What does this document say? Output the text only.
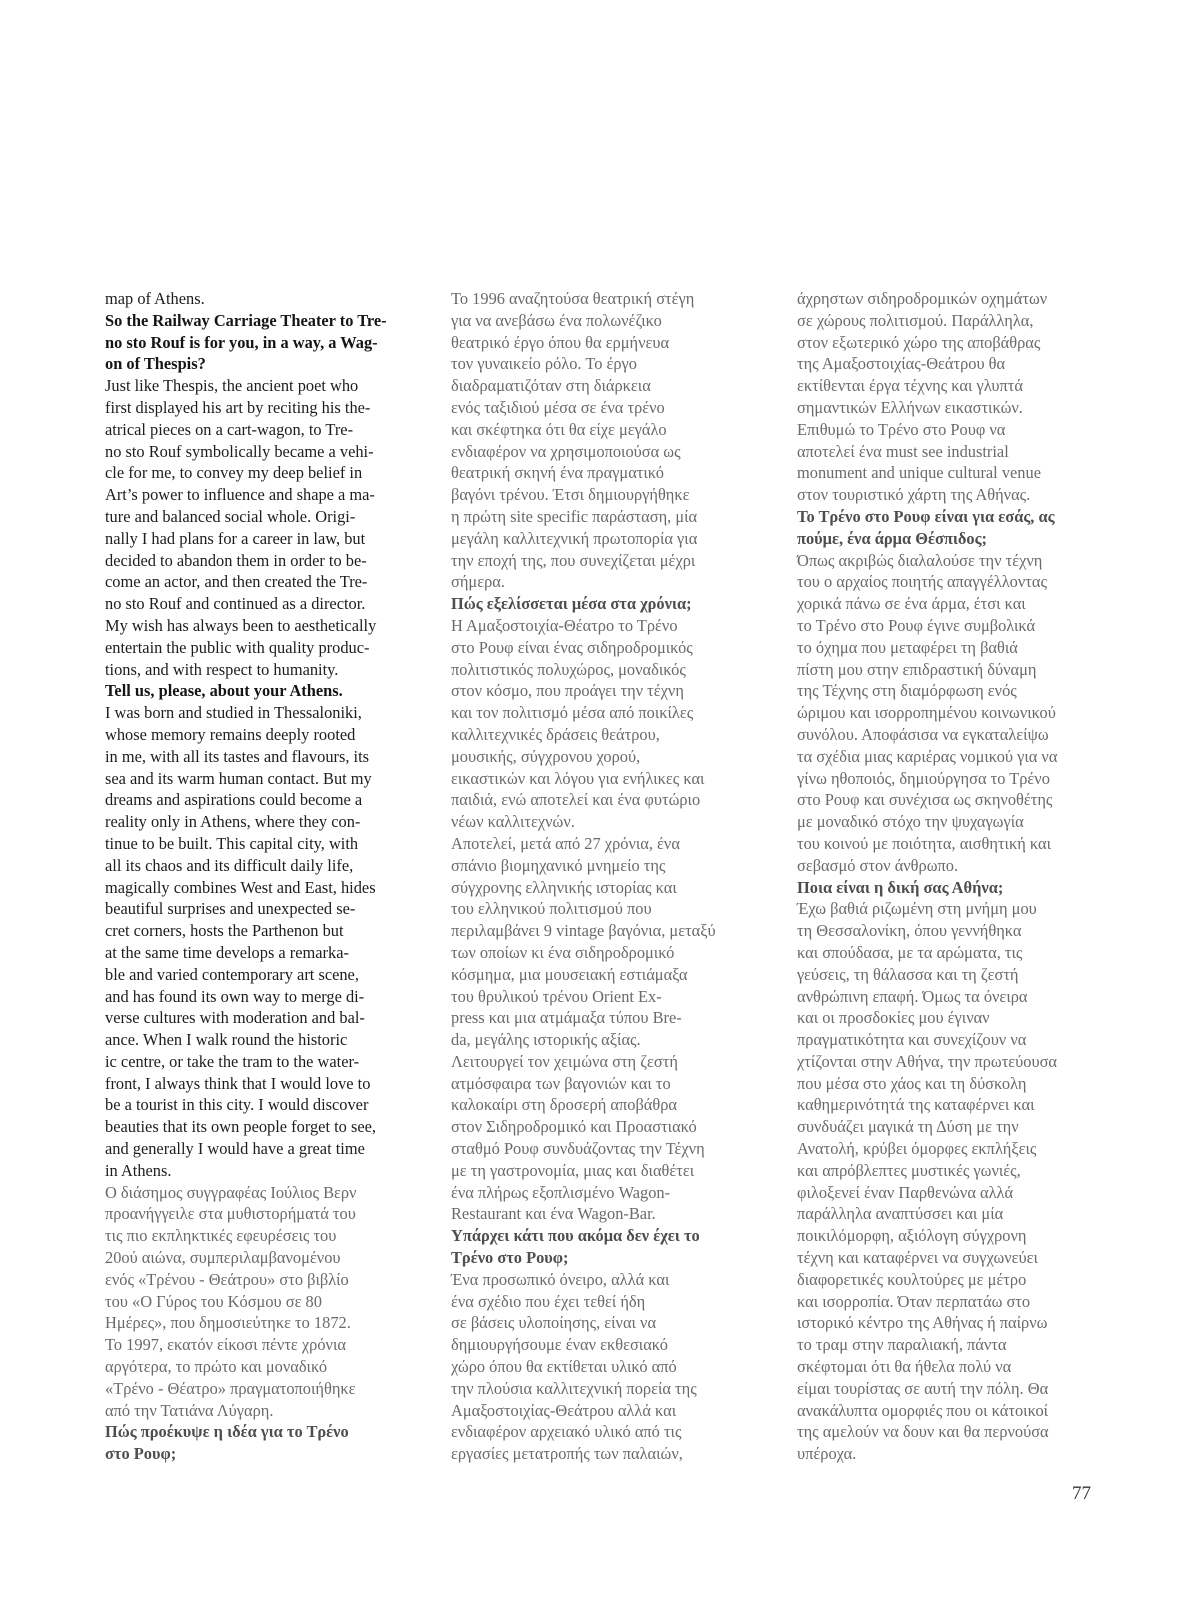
map of Athens.
So the Railway Carriage Theater to Tre-
no sto Rouf is for you, in a way, a Wag-
on of Thespis?
Just like Thespis, the ancient poet who
first displayed his art by reciting his the-
atrical pieces on a cart-wagon, to Tre-
no sto Rouf symbolically became a vehi-
cle for me, to convey my deep belief in
Art’s power to influence and shape a ma-
ture and balanced social whole. Origi-
nally I had plans for a career in law, but
decided to abandon them in order to be-
come an actor, and then created the Tre-
no sto Rouf and continued as a director.
My wish has always been to aesthetically
entertain the public with quality produc-
tions, and with respect to humanity.
Tell us, please, about your Athens.
I was born and studied in Thessaloniki,
whose memory remains deeply rooted
in me, with all its tastes and flavours, its
sea and its warm human contact. But my
dreams and aspirations could become a
reality only in Athens, where they con-
tinue to be built. This capital city, with
all its chaos and its difficult daily life,
magically combines West and East, hides
beautiful surprises and unexpected se-
cret corners, hosts the Parthenon but
at the same time develops a remarka-
ble and varied contemporary art scene,
and has found its own way to merge di-
verse cultures with moderation and bal-
ance. When I walk round the historic
ic centre, or take the tram to the water-
front, I always think that I would love to
be a tourist in this city. I would discover
beauties that its own people forget to see,
and generally I would have a great time
in Athens.
Ο διάσημος συγγραφέας Ιούλιος Βερν
προανήγγειλε στα μυθιστορήματά του
τις πιο εκπληκτικές εφευρέσεις του
20ού αιώνα, συμπεριλαμβανομένου
ενός «Τρένου - Θεάτρου» στο βιβλίο
του «Ο Γύρος του Κόσμου σε 80
Ημέρες», που δημοσιεύτηκε το 1872.
Το 1997, εκατόν είκοσι πέντε χρόνια
αργότερα, το πρώτο και μοναδικό
«Τρένο - Θέατρο» πραγματοποιήθηκε
από την Τατιάνα Λύγαρη.
Πώς προέκυψε η ιδέα για το Τρένο
στο Ρουφ;
Το 1996 αναζητούσα θεατρική στέγη
για να ανεβάσω ένα πολωνέζικο
θεατρικό έργο όπου θα ερμήνευα
τον γυναικείο ρόλο. Το έργο
διαδραματιζόταν στη διάρκεια
ενός ταξιδιού μέσα σε ένα τρένο
και σκέφτηκα ότι θα είχε μεγάλο
ενδιαφέρον να χρησιμοποιούσα ως
θεατρική σκηνή ένα πραγματικό
βαγόνι τρένου. Έτσι δημιουργήθηκε
η πρώτη site specific παράσταση, μία
μεγάλη καλλιτεχνική πρωτοπορία για
την εποχή της, που συνεχίζεται μέχρι
σήμερα.
Πώς εξελίσσεται μέσα στα χρόνια;
Η Αμαξοστοιχία-Θέατρο το Τρένο
στο Ρουφ είναι ένας σιδηροδρομικός
πολιτιστικός πολυχώρος, μοναδικός
στον κόσμο, που προάγει την τέχνη
και τον πολιτισμό μέσα από ποικίλες
καλλιτεχνικές δράσεις θεάτρου,
μουσικής, σύγχρονου χορού,
εικαστικών και λόγου για ενήλικες και
παιδιά, ενώ αποτελεί και ένα φυτώριο
νέων καλλιτεχνών.
Αποτελεί, μετά από 27 χρόνια, ένα
σπάνιο βιομηχανικό μνημείο της
σύγχρονης ελληνικής ιστορίας και
του ελληνικού πολιτισμού που
περιλαμβάνει 9 vintage βαγόνια, μεταξύ
των οποίων κι ένα σιδηροδρομικό
κόσμημα, μια μουσειακή εστιάμαξα
του θρυλικού τρένου Orient Ex-
press και μια ατμάμαξα τύπου Bre-
da, μεγάλης ιστορικής αξίας.
Λειτουργεί τον χειμώνα στη ζεστή
ατμόσφαιρα των βαγονιών και το
καλοκαίρι στη δροσερή αποβάθρα
στον Σιδηροδρομικό και Προαστιακό
σταθμό Ρουφ συνδυάζοντας την Τέχνη
με τη γαστρονομία, μιας και διαθέτει
ένα πλήρως εξοπλισμένο Wagon-
Restaurant και ένα Wagon-Bar.
Υπάρχει κάτι που ακόμα δεν έχει το
Τρένο στο Ρουφ;
Ένα προσωπικό όνειρο, αλλά και
ένα σχέδιο που έχει τεθεί ήδη
σε βάσεις υλοποίησης, είναι να
δημιουργήσουμε έναν εκθεσιακό
χώρο όπου θα εκτίθεται υλικό από
την πλούσια καλλιτεχνική πορεία της
Αμαξοστοιχίας-Θεάτρου αλλά και
ενδιαφέρον αρχειακό υλικό από τις
εργασίες μετατροπής των παλαιών,
άχρηστων σιδηροδρομικών οχημάτων
σε χώρους πολιτισμού. Παράλληλα,
στον εξωτερικό χώρο της αποβάθρας
της Αμαξοστοιχίας-Θεάτρου θα
εκτίθενται έργα τέχνης και γλυπτά
σημαντικών Ελλήνων εικαστικών.
Επιθυμώ το Τρένο στο Ρουφ να
αποτελεί ένα must see industrial
monument and unique cultural venue
στον τουριστικό χάρτη της Αθήνας.
Το Τρένο στο Ρουφ είναι για εσάς, ας
πούμε, ένα άρμα Θέσπιδος;
Όπως ακριβώς διαλαλούσε την τέχνη
του ο αρχαίος ποιητής απαγγέλλοντας
χορικά πάνω σε ένα άρμα, έτσι και
το Τρένο στο Ρουφ έγινε συμβολικά
το όχημα που μεταφέρει τη βαθιά
πίστη μου στην επιδραστική δύναμη
της Τέχνης στη διαμόρφωση ενός
ώριμου και ισορροπημένου κοινωνικού
συνόλου. Αποφάσισα να εγκαταλείψω
τα σχέδια μιας καριέρας νομικού για να
γίνω ηθοποιός, δημιούργησα το Τρένο
στο Ρουφ και συνέχισα ως σκηνοθέτης
με μοναδικό στόχο την ψυχαγωγία
του κοινού με ποιότητα, αισθητική και
σεβασμό στον άνθρωπο.
Ποια είναι η δική σας Αθήνα;
Έχω βαθιά ριζωμένη στη μνήμη μου
τη Θεσσαλονίκη, όπου γεννήθηκα
και σπούδασα, με τα αρώματα, τις
γεύσεις, τη θάλασσα και τη ζεστή
ανθρώπινη επαφή. Όμως τα όνειρα
και οι προσδοκίες μου έγιναν
πραγματικότητα και συνεχίζουν να
χτίζονται στην Αθήνα, την πρωτεύουσα
που μέσα στο χάος και τη δύσκολη
καθημερινότητά της καταφέρνει και
συνδυάζει μαγικά τη Δύση με την
Ανατολή, κρύβει όμορφες εκπλήξεις
και απρόβλεπτες μυστικές γωνιές,
φιλοξενεί έναν Παρθενώνα αλλά
παράλληλα αναπτύσσει και μία
ποικιλόμορφη, αξιόλογη σύγχρονη
τέχνη και καταφέρνει να συγχωνεύει
διαφορετικές κουλτούρες με μέτρο
και ισορροπία. Όταν περπατάω στο
ιστορικό κέντρο της Αθήνας ή παίρνω
το τραμ στην παραλιακή, πάντα
σκέφτομαι ότι θα ήθελα πολύ να
είμαι τουρίστας σε αυτή την πόλη. Θα
ανακάλυπτα ομορφιές που οι κάτοικοί
της αμελούν να δουν και θα περνούσα
υπέροχα.
77
